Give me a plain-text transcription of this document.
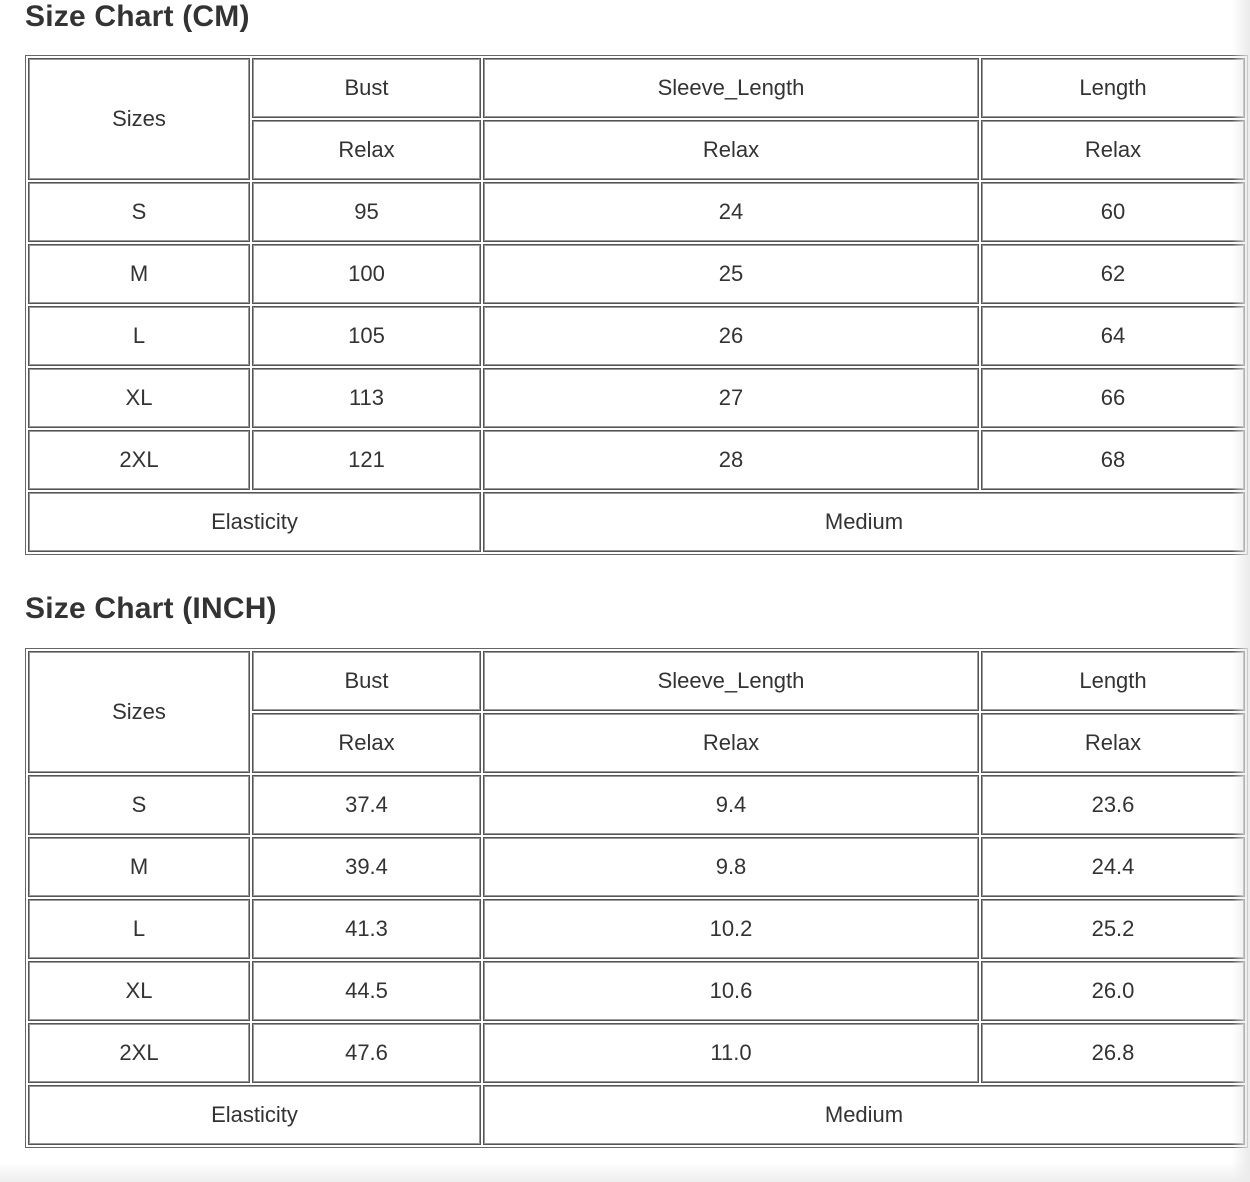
Size Chart (CM)
Sizes	Bust	Sleeve_Length	Length
	Relax	Relax	Relax
S	95	24	60
M	100	25	62
L	105	26	64
XL	113	27	66
2XL	121	28	68
Elasticity		Medium	
Size Chart (INCH)
Sizes	Bust	Sleeve_Length	Length
	Relax	Relax	Relax
S	37.4	9.4	23.6
M	39.4	9.8	24.4
L	41.3	10.2	25.2
XL	44.5	10.6	26.0
2XL	47.6	11.0	26.8
Elasticity		Medium	
